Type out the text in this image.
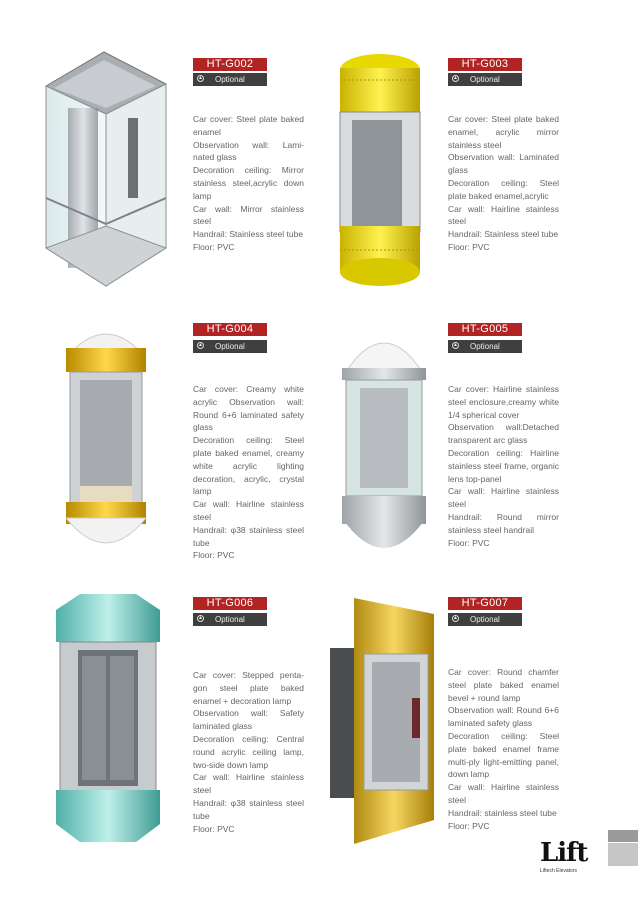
HT-G002
▲ Optional

Car cover: Steel plate baked enamel

Observation wall: Lami- nated glass

Decoration ceiling: Mirror stainless steel,acrylic down lamp

Car wall: Mirror stainless steel

Handrail: Stainless steel tube

Floor: PVC

HT-G003
▲ Optional

Car cover: Steel plate baked enamel, acrylic mirror stainless steel

Observation wall: Laminated glass

Decoration ceiling: Steel plate baked enamel,acrylic

Car wall: Hairline stainless steel

Handrail: Stainless steel tube

Floor: PVC

HT-G004
▲ Optional

Car cover: Creamy white acrylic Observation wall: Round 6+6 laminated safety glass

Decoration ceiling: Steel plate baked enamel, creamy white acrylic lighting decoration, acrylic, crystal lamp

Car wall: Hairline stainless steel

Handrail: φ38 stainless steel tube

Floor: PVC

HT-G005
▲ Optional

Car cover: Hairline stainless steel enclosure,creamy white 1/4 spherical cover

Observation wall:Detached transparent arc glass

Decoration ceiling: Hairline stainless steel frame, organic lens top-panel

Car wall: Hairline stainless steel

Handrail: Round mirror stainless steel handrail

Floor: PVC

HT-G006
▲ Optional

Car cover: Stepped penta- gon steel plate baked enamel + decoration lamp

Observation wall: Safety laminated glass

Decoration ceiling: Central round acrylic ceiling lamp, two-side down lamp

Car wall: Hairline stainless steel

Handrail: φ38 stainless steel tube

Floor: PVC

HT-G007
▲ Optional

Car cover: Round chamfer steel plate baked enamel bevel + round lamp

Observation wall: Round 6+6 laminated safety glass

Decoration ceiling: Steel plate baked enamel frame multi-ply light-emitting panel, down lamp

Car wall: Hairline stainless steel

Handrail: stainless steel tube

Floor: PVC

Lift
Liftech Elevators
